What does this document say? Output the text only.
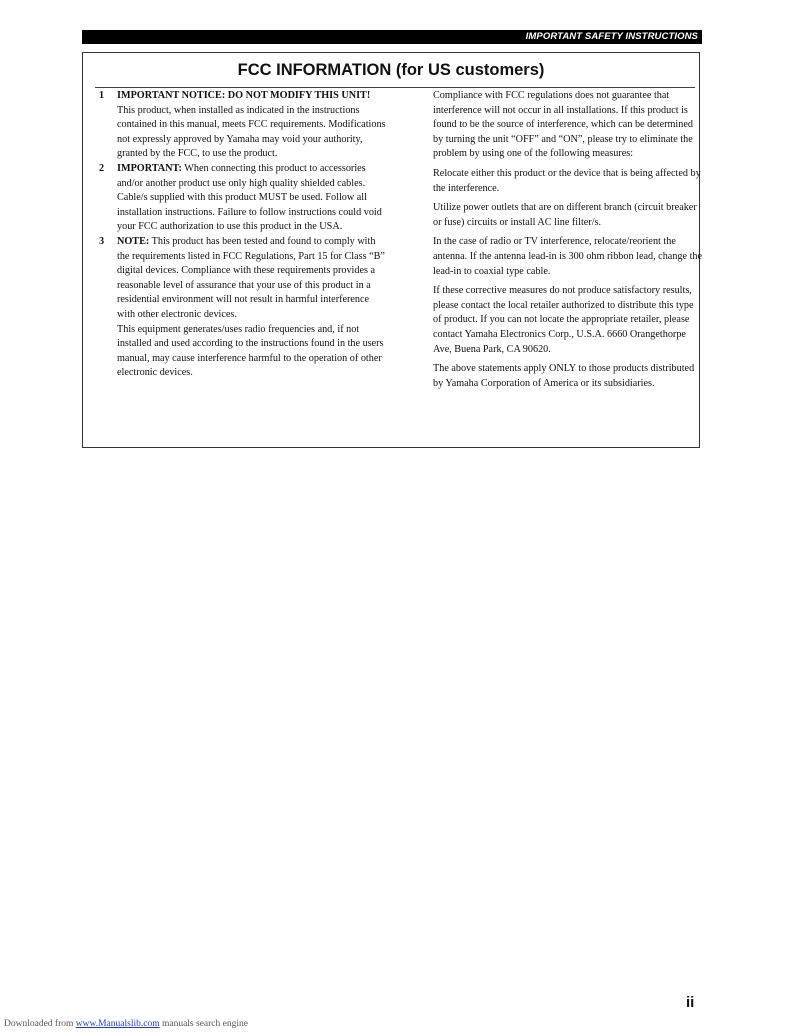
IMPORTANT SAFETY INSTRUCTIONS
FCC INFORMATION (for US customers)
1 IMPORTANT NOTICE: DO NOT MODIFY THIS UNIT!
This product, when installed as indicated in the instructions contained in this manual, meets FCC requirements. Modifications not expressly approved by Yamaha may void your authority, granted by the FCC, to use the product.
2 IMPORTANT: When connecting this product to accessories and/or another product use only high quality shielded cables. Cable/s supplied with this product MUST be used. Follow all installation instructions. Failure to follow instructions could void your FCC authorization to use this product in the USA.
3 NOTE: This product has been tested and found to comply with the requirements listed in FCC Regulations, Part 15 for Class “B” digital devices. Compliance with these requirements provides a reasonable level of assurance that your use of this product in a residential environment will not result in harmful interference with other electronic devices.
This equipment generates/uses radio frequencies and, if not installed and used according to the instructions found in the users manual, may cause interference harmful to the operation of other electronic devices.

Compliance with FCC regulations does not guarantee that interference will not occur in all installations. If this product is found to be the source of interference, which can be determined by turning the unit “OFF” and “ON”, please try to eliminate the problem by using one of the following measures:

Relocate either this product or the device that is being affected by the interference.

Utilize power outlets that are on different branch (circuit breaker or fuse) circuits or install AC line filter/s.

In the case of radio or TV interference, relocate/reorient the antenna. If the antenna lead-in is 300 ohm ribbon lead, change the lead-in to coaxial type cable.

If these corrective measures do not produce satisfactory results, please contact the local retailer authorized to distribute this type of product. If you can not locate the appropriate retailer, please contact Yamaha Electronics Corp., U.S.A. 6660 Orangethorpe Ave, Buena Park, CA 90620.

The above statements apply ONLY to those products distributed by Yamaha Corporation of America or its subsidiaries.

ii
Downloaded from www.Manualslib.com manuals search engine
